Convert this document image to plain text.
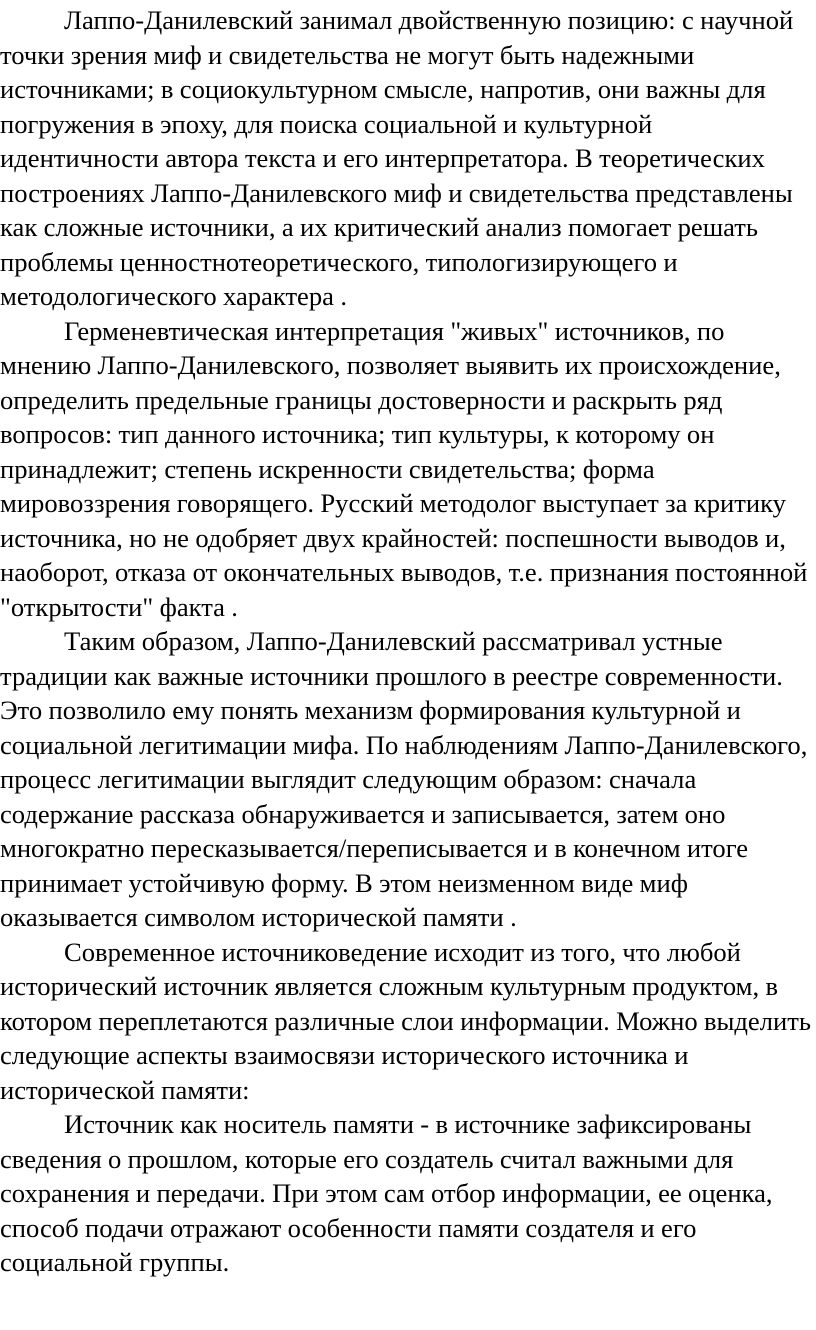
Лаппо-Данилевский занимал двойственную позицию: с научной точки зрения миф и свидетельства не могут быть надежными источниками; в социокультурном смысле, напротив, они важны для погружения в эпоху, для поиска социальной и культурной идентичности автора текста и его интерпретатора. В теоретических построениях Лаппо-Данилевского миф и свидетельства представлены как сложные источники, а их критический анализ помогает решать проблемы ценностнотеоретического, типологизирующего и методологического характера .

Герменевтическая интерпретация "живых" источников, по мнению Лаппо-Данилевского, позволяет выявить их происхождение, определить предельные границы достоверности и раскрыть ряд вопросов: тип данного источника; тип культуры, к которому он принадлежит; степень искренности свидетельства; форма мировоззрения говорящего. Русский методолог выступает за критику источника, но не одобряет двух крайностей: поспешности выводов и, наоборот, отказа от окончательных выводов, т.е. признания постоянной "открытости" факта .

Таким образом, Лаппо-Данилевский рассматривал устные традиции как важные источники прошлого в реестре современности. Это позволило ему понять механизм формирования культурной и социальной легитимации мифа. По наблюдениям Лаппо-Данилевского, процесс легитимации выглядит следующим образом: сначала содержание рассказа обнаруживается и записывается, затем оно многократно пересказывается/переписывается и в конечном итоге принимает устойчивую форму. В этом неизменном виде миф оказывается символом исторической памяти .

Современное источниковедение исходит из того, что любой исторический источник является сложным культурным продуктом, в котором переплетаются различные слои информации. Можно выделить следующие аспекты взаимосвязи исторического источника и исторической памяти:

Источник как носитель памяти - в источнике зафиксированы сведения о прошлом, которые его создатель считал важными для сохранения и передачи. При этом сам отбор информации, ее оценка, способ подачи отражают особенности памяти создателя и его социальной группы.
